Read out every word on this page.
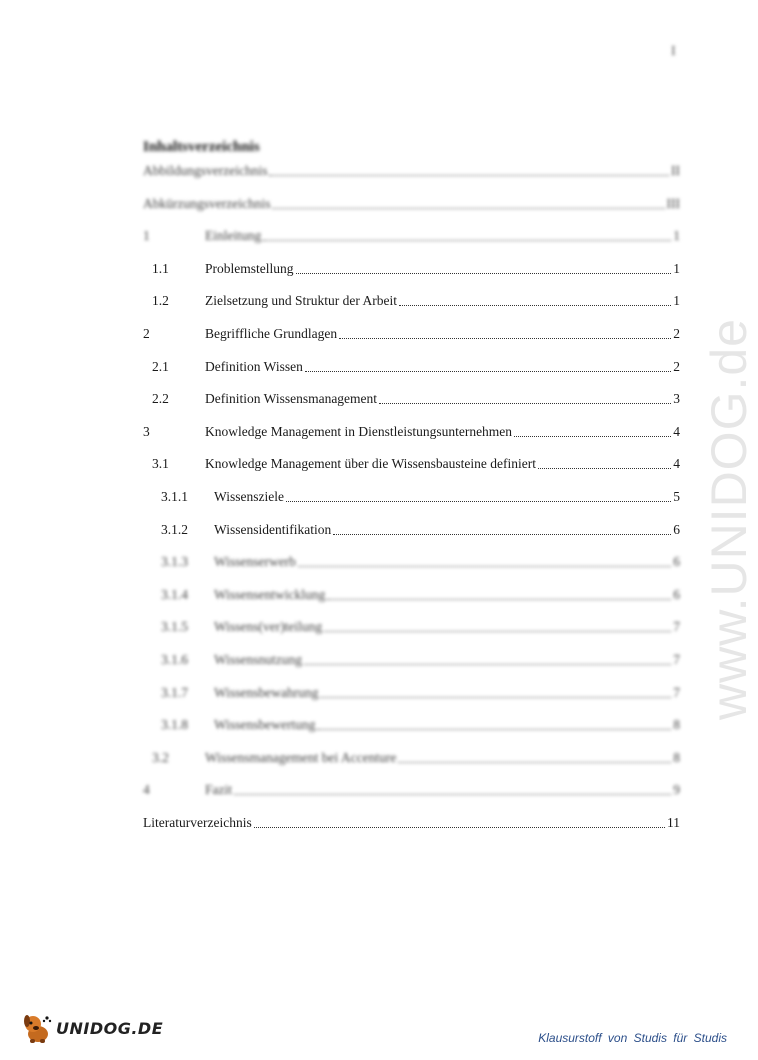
I
Inhaltsverzeichnis
Abbildungsverzeichnis	II
Abkürzungsverzeichnis	III
1	Einleitung	1
1.1	Problemstellung	1
1.2	Zielsetzung und Struktur der Arbeit	1
2	Begriffliche Grundlagen	2
2.1	Definition Wissen	2
2.2	Definition Wissensmanagement	3
3	Knowledge Management in Dienstleistungsunternehmen	4
3.1	Knowledge Management über die Wissensbausteine definiert	4
3.1.1 Wissensziele	5
3.1.2 Wissensidentifikation	6
3.1.3 Wissenserwerb	6
3.1.4 Wissensentwicklung	6
3.1.5 Wissens(ver)teilung	7
3.1.6 Wissensnutzung	7
3.1.7 Wissensbewahrung	7
3.1.8 Wissensbewertung	8
3.2	Wissensmanagement bei Accenture	8
4	Fazit	9
Literaturverzeichnis	11
www.UNIDOG.de
UNIDOG.DE
Klausurstoff von Studis für Studis
